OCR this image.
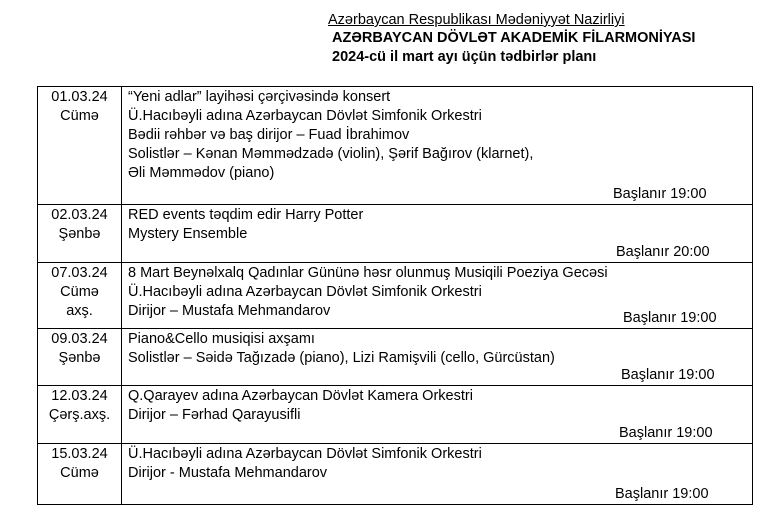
Azərbaycan Respublikası Mədəniyyət Nazirliyi
AZƏRBAYCAN DÖVLƏT AKADEMİK FİLARMONİYASI
2024-cü il mart ayı üçün tədbirlər planı
01.03.24
Cümə
“Yeni adlar” layihəsi çərçivəsində konsert
Ü.Hacıbəyli adına Azərbaycan Dövlət Simfonik Orkestri
Bədii rəhbər və baş dirijor – Fuad İbrahimov
Solistlər – Kənan Məmmədzadə (violin), Şərif Bağırov (klarnet),
Əli Məmmədov (piano)
Başlanır 19:00
02.03.24
Şənbə
RED events təqdim edir Harry Potter
Mystery Ensemble
Başlanır 20:00
07.03.24
Cümə
axş.
8 Mart Beynəlxalq Qadınlar Gününə həsr olunmuş Musiqili Poeziya Gecəsi
Ü.Hacıbəyli adına Azərbaycan Dövlət Simfonik Orkestri
Dirijor – Mustafa Mehmandarov	Başlanır 19:00
09.03.24
Şənbə
Piano&Cello musiqisi axşamı
Solistlər – Səidə Tağızadə (piano), Lizi Ramişvili (cello, Gürcüstan)
Başlanır 19:00
12.03.24
Çərş.axş.
Q.Qarayev adına Azərbaycan Dövlət Kamera Orkestri
Dirijor – Fərhad Qarayusifli
Başlanır 19:00
15.03.24
Cümə
Ü.Hacıbəyli adına Azərbaycan Dövlət Simfonik Orkestri
Dirijor - Mustafa Mehmandarov
Başlanır 19:00
